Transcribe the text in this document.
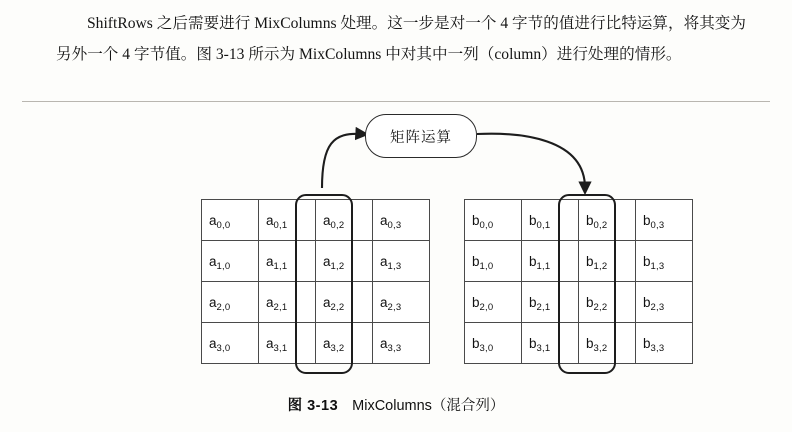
ShiftRows 之后需要进行 MixColumns 处理。这一步是对一个 4 字节的值进行比特运算，将其变为另外一个 4 字节值。图 3-13 所示为 MixColumns 中对其中一列（column）进行处理的情形。
矩阵运算
$a_{0,0}$	$a_{0,1}$	$a_{0,2}$	$a_{0,3}$
$a_{1,0}$	$a_{1,1}$	$a_{1,2}$	$a_{1,3}$
$a_{2,0}$	$a_{2,1}$	$a_{2,2}$	$a_{2,3}$
$a_{3,0}$	$a_{3,1}$	$a_{3,2}$	$a_{3,3}$
$b_{0,0}$	$b_{0,1}$	$b_{0,2}$	$b_{0,3}$
$b_{1,0}$	$b_{1,1}$	$b_{1,2}$	$b_{1,3}$
$b_{2,0}$	$b_{2,1}$	$b_{2,2}$	$b_{2,3}$
$b_{3,0}$	$b_{3,1}$	$b_{3,2}$	$b_{3,3}$
图 3-13 MixColumns（混合列）
